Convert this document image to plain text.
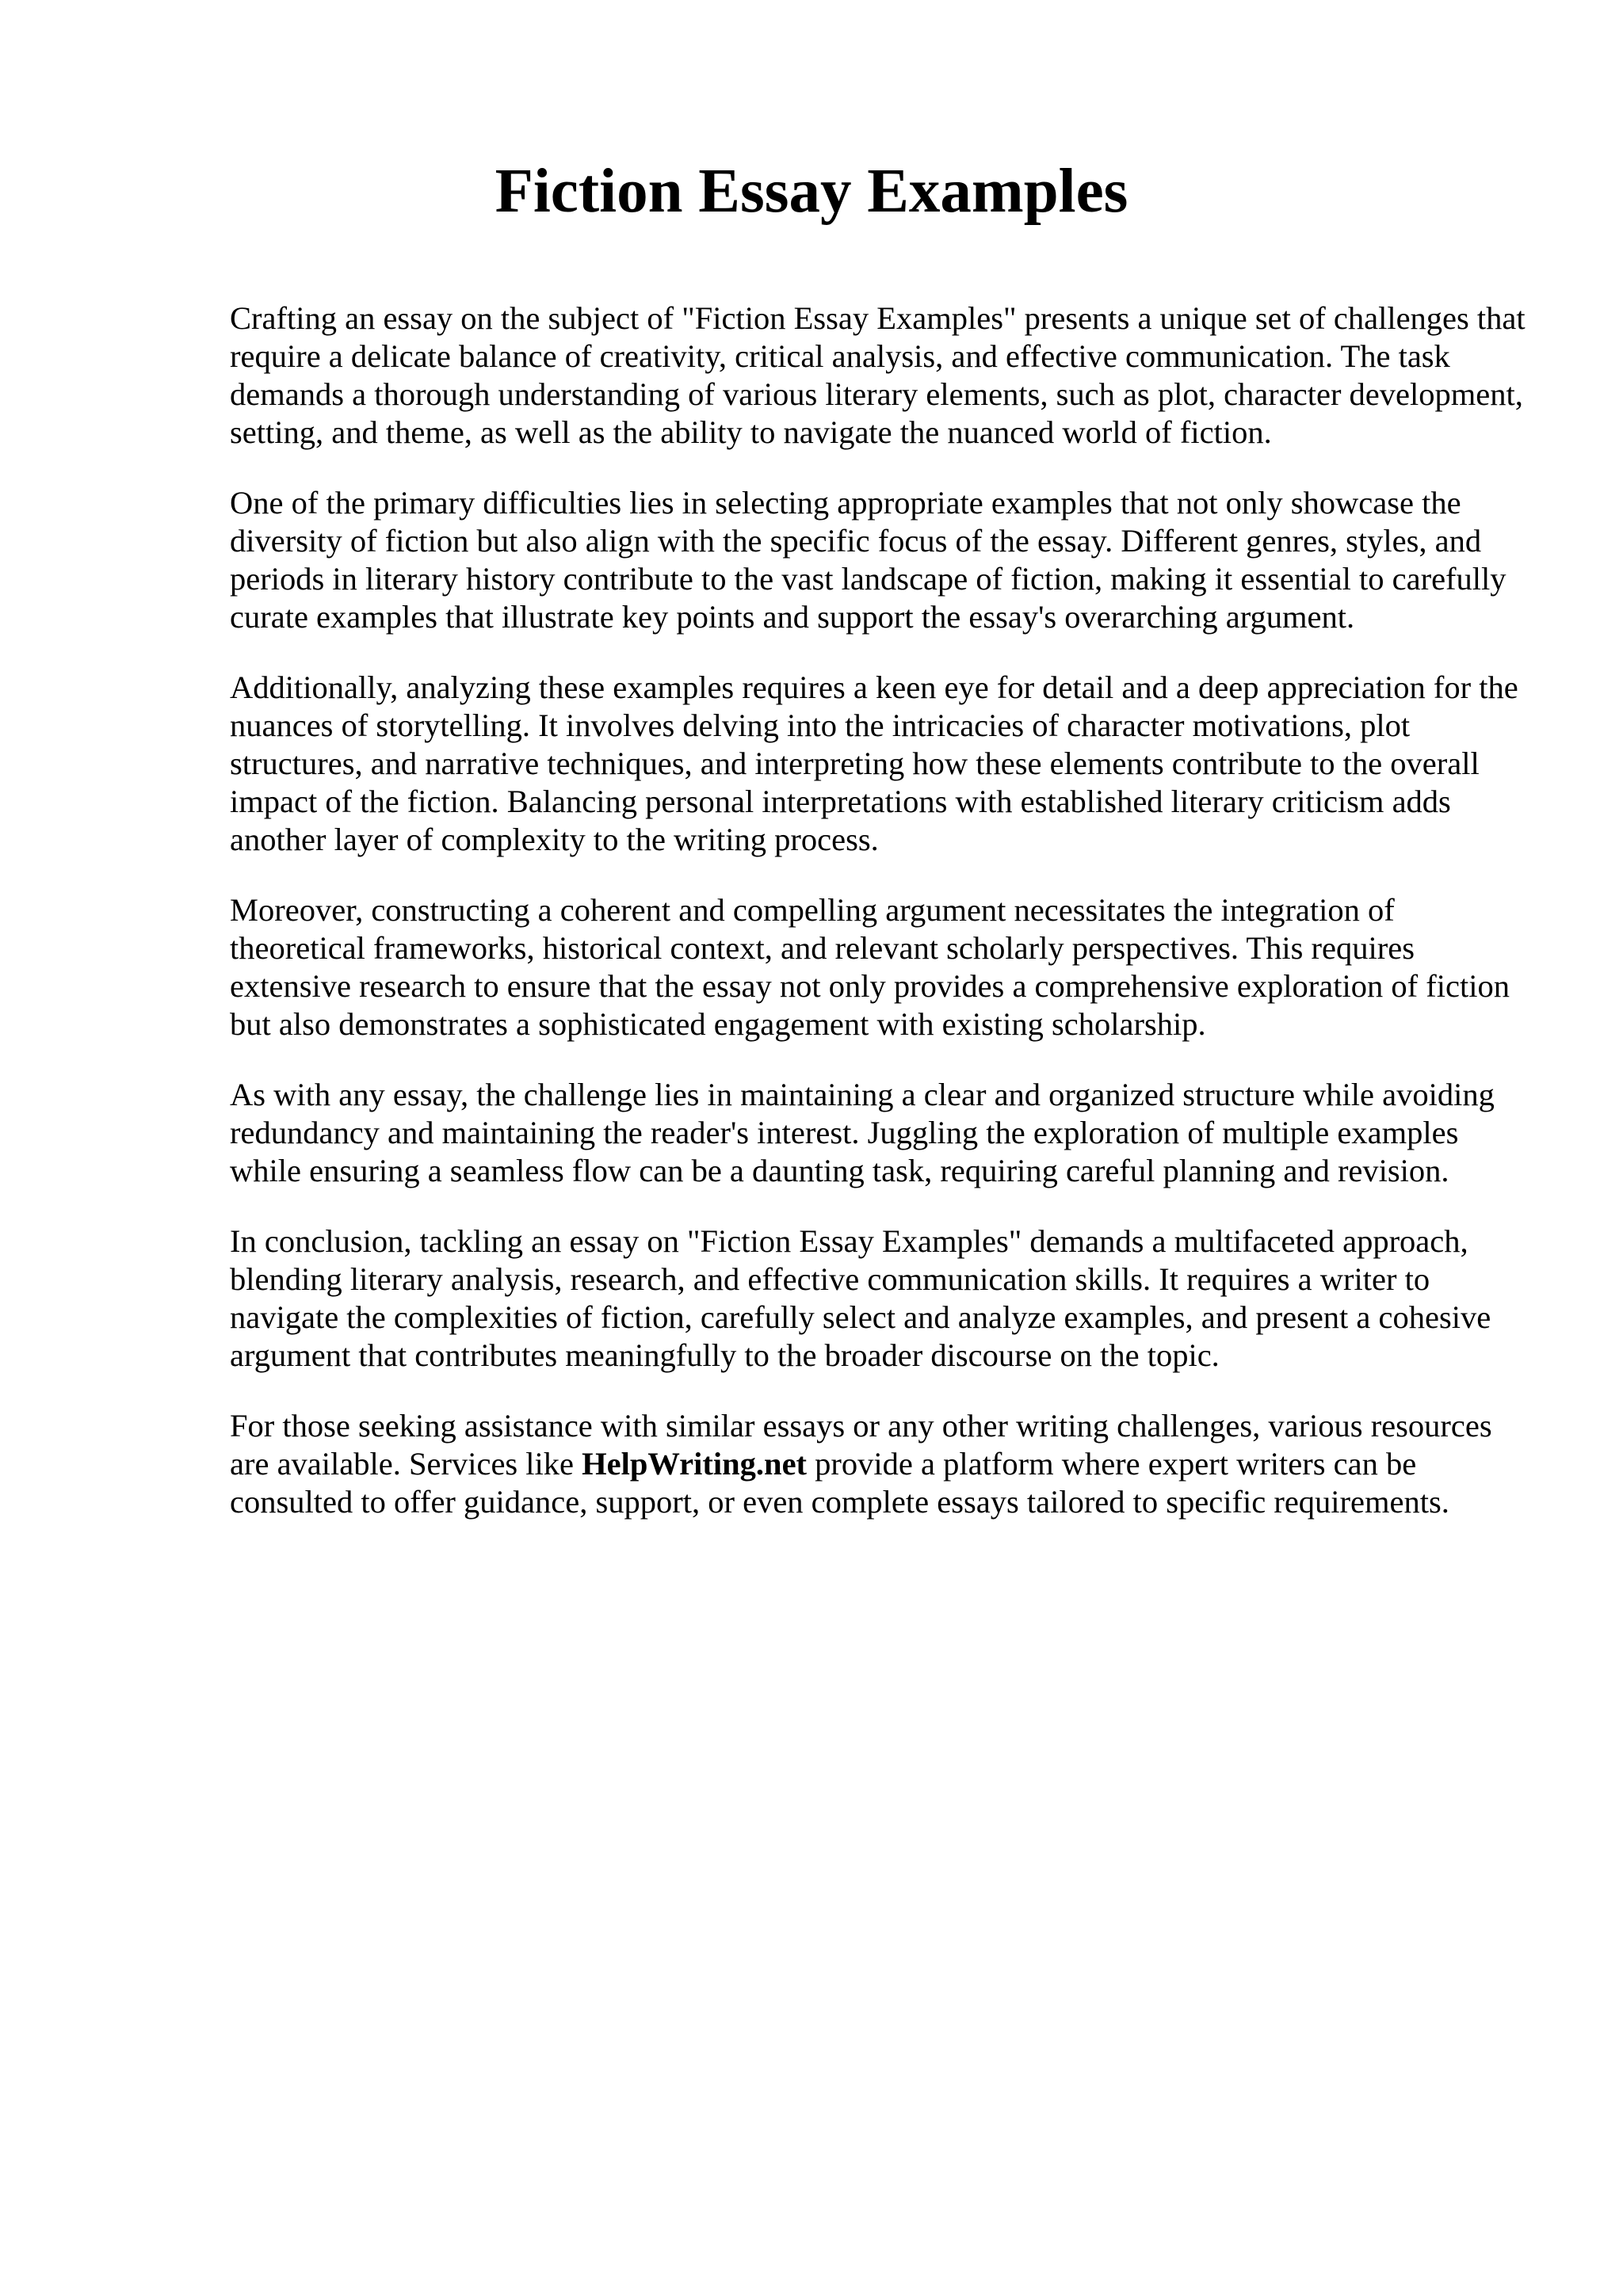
Fiction Essay Examples

Crafting an essay on the subject of "Fiction Essay Examples" presents a unique set of challenges that require a delicate balance of creativity, critical analysis, and effective communication. The task demands a thorough understanding of various literary elements, such as plot, character development, setting, and theme, as well as the ability to navigate the nuanced world of fiction.

One of the primary difficulties lies in selecting appropriate examples that not only showcase the diversity of fiction but also align with the specific focus of the essay. Different genres, styles, and periods in literary history contribute to the vast landscape of fiction, making it essential to carefully curate examples that illustrate key points and support the essay's overarching argument.

Additionally, analyzing these examples requires a keen eye for detail and a deep appreciation for the nuances of storytelling. It involves delving into the intricacies of character motivations, plot structures, and narrative techniques, and interpreting how these elements contribute to the overall impact of the fiction. Balancing personal interpretations with established literary criticism adds another layer of complexity to the writing process.

Moreover, constructing a coherent and compelling argument necessitates the integration of theoretical frameworks, historical context, and relevant scholarly perspectives. This requires extensive research to ensure that the essay not only provides a comprehensive exploration of fiction but also demonstrates a sophisticated engagement with existing scholarship.

As with any essay, the challenge lies in maintaining a clear and organized structure while avoiding redundancy and maintaining the reader's interest. Juggling the exploration of multiple examples while ensuring a seamless flow can be a daunting task, requiring careful planning and revision.

In conclusion, tackling an essay on "Fiction Essay Examples" demands a multifaceted approach, blending literary analysis, research, and effective communication skills. It requires a writer to navigate the complexities of fiction, carefully select and analyze examples, and present a cohesive argument that contributes meaningfully to the broader discourse on the topic.

For those seeking assistance with similar essays or any other writing challenges, various resources are available. Services like HelpWriting.net provide a platform where expert writers can be consulted to offer guidance, support, or even complete essays tailored to specific requirements.
